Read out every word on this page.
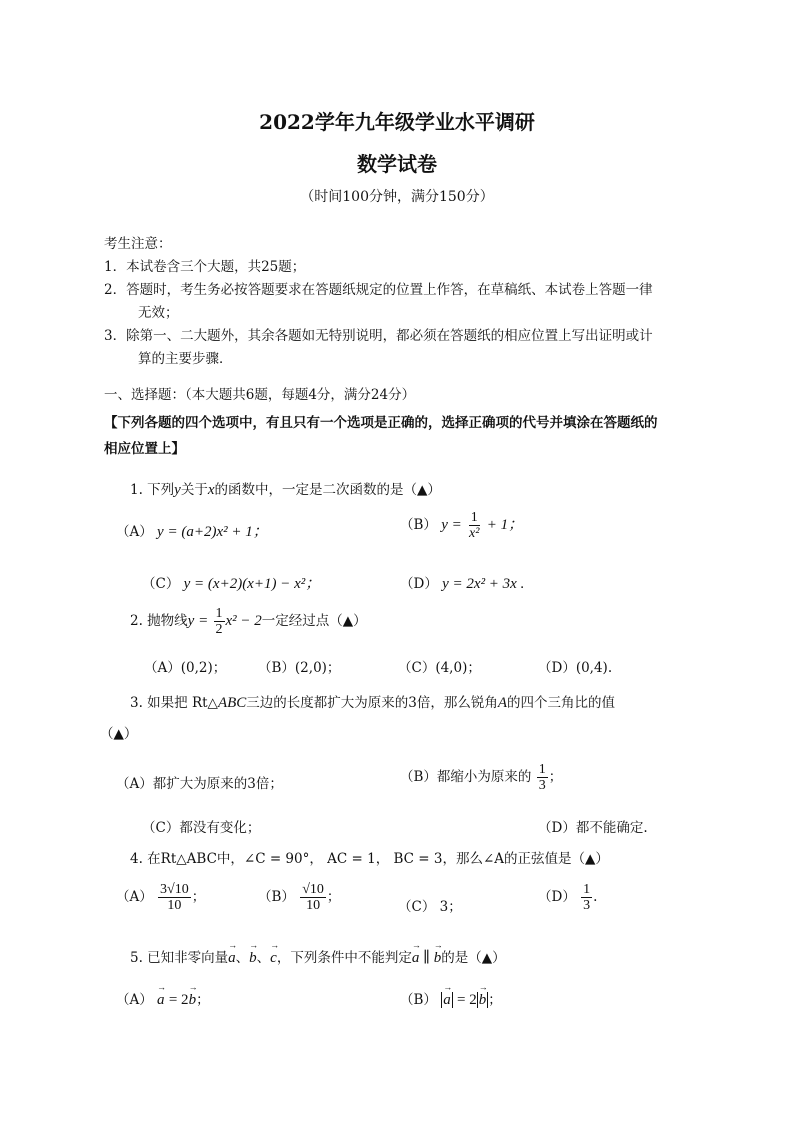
2022学年九年级学业水平调研
数学试卷
（时间100分钟，满分150分）
考生注意：
1．本试卷含三个大题，共25题；
2．答题时，考生务必按答题要求在答题纸规定的位置上作答，在草稿纸、本试卷上答题一律
无效；
3．除第一、二大题外，其余各题如无特别说明，都必须在答题纸的相应位置上写出证明或计
算的主要步骤．
一、选择题：（本大题共6题，每题4分，满分24分）
【下列各题的四个选项中，有且只有一个选项是正确的，选择正确项的代号并填涂在答题纸的
相应位置上】
1. 下列y关于x的函数中，一定是二次函数的是（▲）
（A） y = (a+2)x² + 1；	（B） $y = \frac{1}{\text{x²}} + 1$；
（C） y = (x+2)(x+1) − x²；	（D） y = 2x² + 3x .
2. 抛物线$y = \frac{1}{2} x^2 - 2$一定经过点（▲）
（A）(0,2)； （B）(2,0)；	（C）(4,0)；	（D）(0,4).
3. 如果把 Rt△ABC三边的长度都扩大为原来的3倍，那么锐角A的四个三角比的值
（▲）
（A）都扩大为原来的3倍；	（B）都缩小为原来的 $\frac{1}{3}$ ；
（C）都没有变化；	（D）都不能确定.
4. 在Rt△ABC中，∠C = 90°， AC = 1， BC = 3，那么∠A的正弦值是（▲）
$(A) \frac{3√10}{10}$ ；	$(B) \frac{√10}{10}$ ；
（C） 3；
$(D) \frac{1}{3}$ .
5. 已知非零向量→ a、→ b、→ c，下列条件中不能判定→ a ∥ → b的是（▲）
（A） → a = 2→ b；	（B） → a = 2 → b ；
